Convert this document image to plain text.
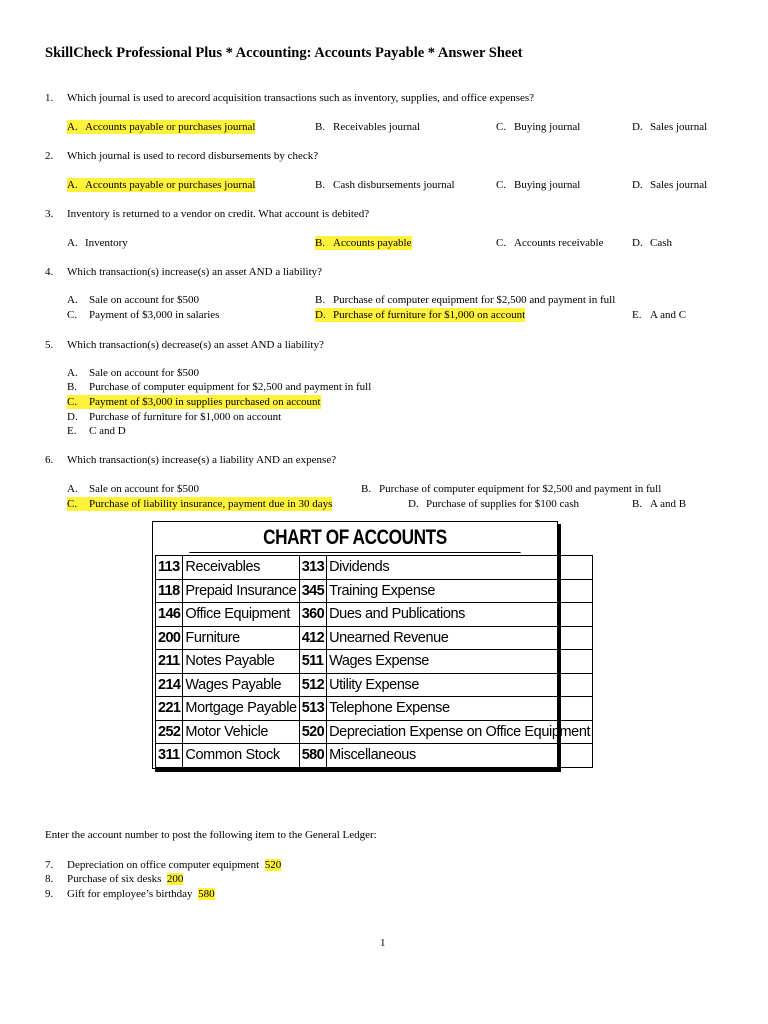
SkillCheck Professional Plus * Accounting: Accounts Payable * Answer Sheet
1. Which journal is used to arecord acquisition transactions such as inventory, supplies, and office expenses?
A. Accounts payable or purchases journal	B. Receivables journal	C. Buying journal	D. Sales journal
2. Which journal is used to record disbursements by check?
A. Accounts payable or purchases journal	B. Cash disbursements journal	C. Buying journal	D. Sales journal
3. Inventory is returned to a vendor on credit. What account is debited?
A. Inventory	B. Accounts payable	C. Accounts receivable	D. Cash
4. Which transaction(s) increase(s) an asset AND a liability?
A. Sale on account for $500	B. Purchase of computer equipment for $2,500 and payment in full
C. Payment of $3,000 in salaries	D. Purchase of furniture for $1,000 on account	E. A and C
5. Which transaction(s) decrease(s) an asset AND a liability?
A. Sale on account for $500
B. Purchase of computer equipment for $2,500 and payment in full
C. Payment of $3,000 in supplies purchased on account
D. Purchase of furniture for $1,000 on account
E. C and D
6. Which transaction(s) increase(s) a liability AND an expense?
A. Sale on account for $500	B. Purchase of computer equipment for $2,500 and payment in full
C. Purchase of liability insurance, payment due in 30 days	D. Purchase of supplies for $100 cash	B. A and B
CHART OF ACCOUNTS
113	Receivables	313	Dividends
118	Prepaid Insurance	345	Training Expense
146	Office Equipment	360	Dues and Publications
200	Furniture	412	Unearned Revenue
211	Notes Payable	511	Wages Expense
214	Wages Payable	512	Utility Expense
221	Mortgage Payable	513	Telephone Expense
252	Motor Vehicle	520	Depreciation Expense on Office Equipment
311	Common Stock	580	Miscellaneous
Enter the account number to post the following item to the General Ledger:
7. Depreciation on office computer equipment 520
8. Purchase of six desks 200
9. Gift for employee’s birthday 580
1
